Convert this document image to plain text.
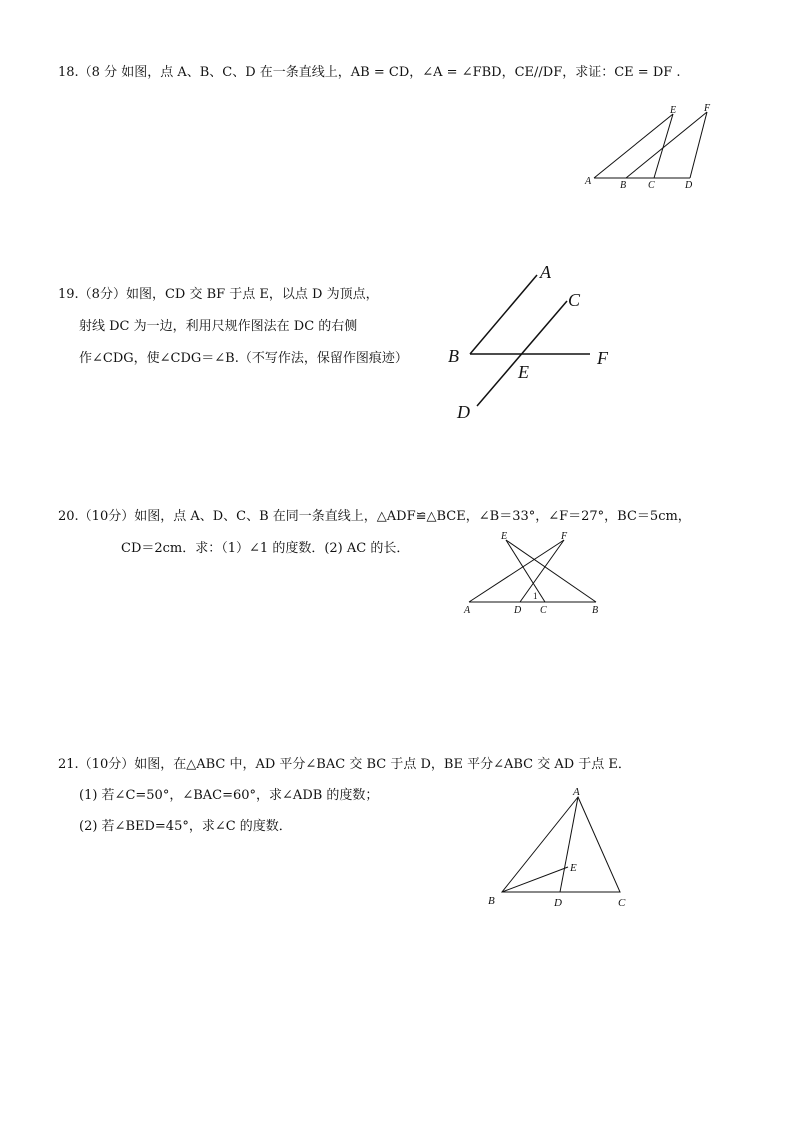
18.（8 分 如图，点 A、B、C、D 在一条直线上，AB = CD，∠A = ∠FBD，CE//DF，求证：CE = DF .
A	B C	D
E	F
19.（8分）如图，CD 交 BF 于点 E，以点 D 为顶点，
射线 DC 为一边，利用尺规作图法在 DC 的右侧
作∠CDG，使∠CDG＝∠B.（不写作法，保留作图痕迹）
A
C
B
E
F
D
20.（10分）如图，点 A、D、C、B 在同一条直线上，△ADF≌△BCE，∠B＝33°，∠F＝27°，BC＝5cm，
CD＝2cm．求：（1）∠1 的度数．(2) AC 的长．
E	F
1
A	D C	B
21.（10分）如图，在△ABC 中，AD 平分∠BAC 交 BC 于点 D，BE 平分∠ABC 交 AD 于点 E．
(1) 若∠C=50°，∠BAC=60°，求∠ADB 的度数；
(2) 若∠BED=45°，求∠C 的度数．
A
E
B	D	C
